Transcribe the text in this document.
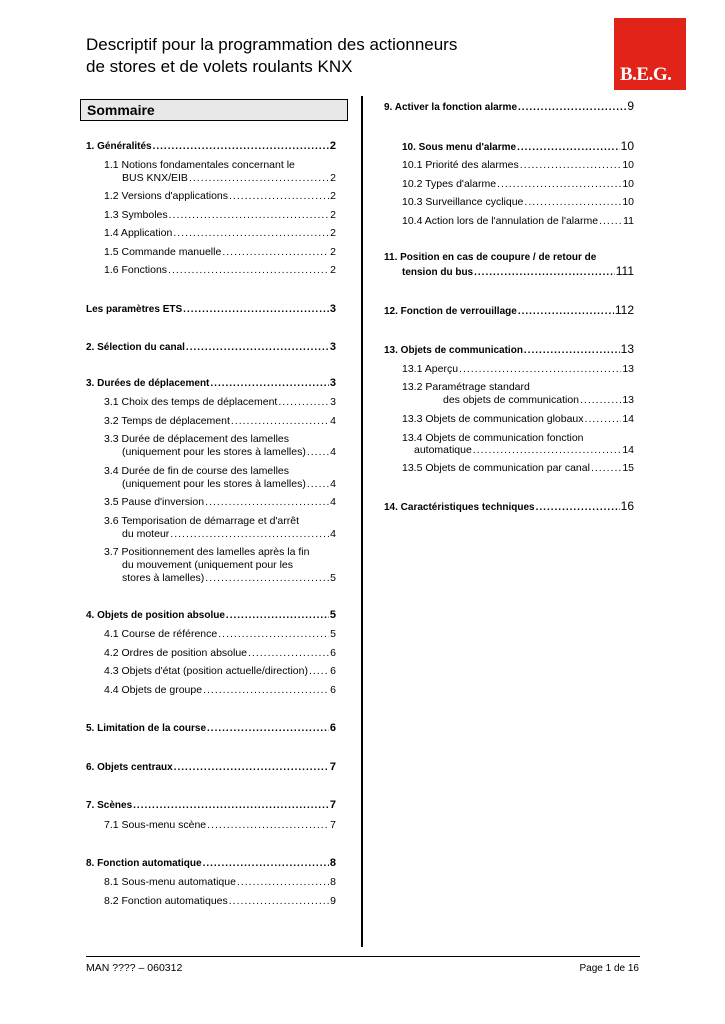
Descriptif pour la programmation des actionneurs
de stores et de volets roulants KNX	B.E.G.
Sommaire
1. Généralités .....	2
1.1 Notions fondamentales concernant le
BUS KNX/EIB .....	2
1.2 Versions d'applications .....	2
1.3 Symboles .....	2
1.4 Application .....	2
1.5 Commande manuelle .....	2
1.6 Fonctions .....	2
Les paramètres ETS .....	3
2. Sélection du canal .....	3
3. Durées de déplacement .....	3
3.1 Choix des temps de déplacement .....	3
3.2 Temps de déplacement .....	4
3.3 Durée de déplacement des lamelles
(uniquement pour les stores à lamelles) ..... 4
3.4 Durée de fin de course des lamelles
(uniquement pour les stores à lamelles) ..... 4
3.5 Pause d'inversion .....	4
3.6 Temporisation de démarrage et d'arrêt
du moteur .....	4
3.7 Positionnement des lamelles après la fin
du mouvement (uniquement pour les
stores à lamelles) .....	5
4. Objets de position absolue .....	5
4.1 Course de référence .....	5
4.2 Ordres de position absolue .....	6
4.3 Objets d'état (position actuelle/direction) ..... 6
4.4 Objets de groupe .....	6
5. Limitation de la course .....	6
6. Objets centraux .....	7
7. Scènes .....	7
7.1 Sous-menu scène .....	7
8. Fonction automatique .....	8
8.1 Sous-menu automatique .....	8
8.2 Fonction automatiques .....	9
9. Activer la fonction alarme .....	9
10. Sous menu d'alarme .....	10
10.1 Priorité des alarmes .....	10
10.2 Types d'alarme .....	10
10.3 Surveillance cyclique .....	10
10.4 Action lors de l'annulation de l'alarme ..... 11
11. Position en cas de coupure / de retour de
tension du bus .....	111
12. Fonction de verrouillage .....	112
13. Objets de communication .....	13
13.1 Aperçu .....	13
13.2 Paramétrage standard
des objets de communication .....	13
13.3 Objets de communication globaux .....	14
13.4 Objets de communication fonction
automatique .....	14
13.5 Objets de communication par canal .....	15
14. Caractéristiques techniques .....	16
MAN ???? – 060312	Page 1 de 16
